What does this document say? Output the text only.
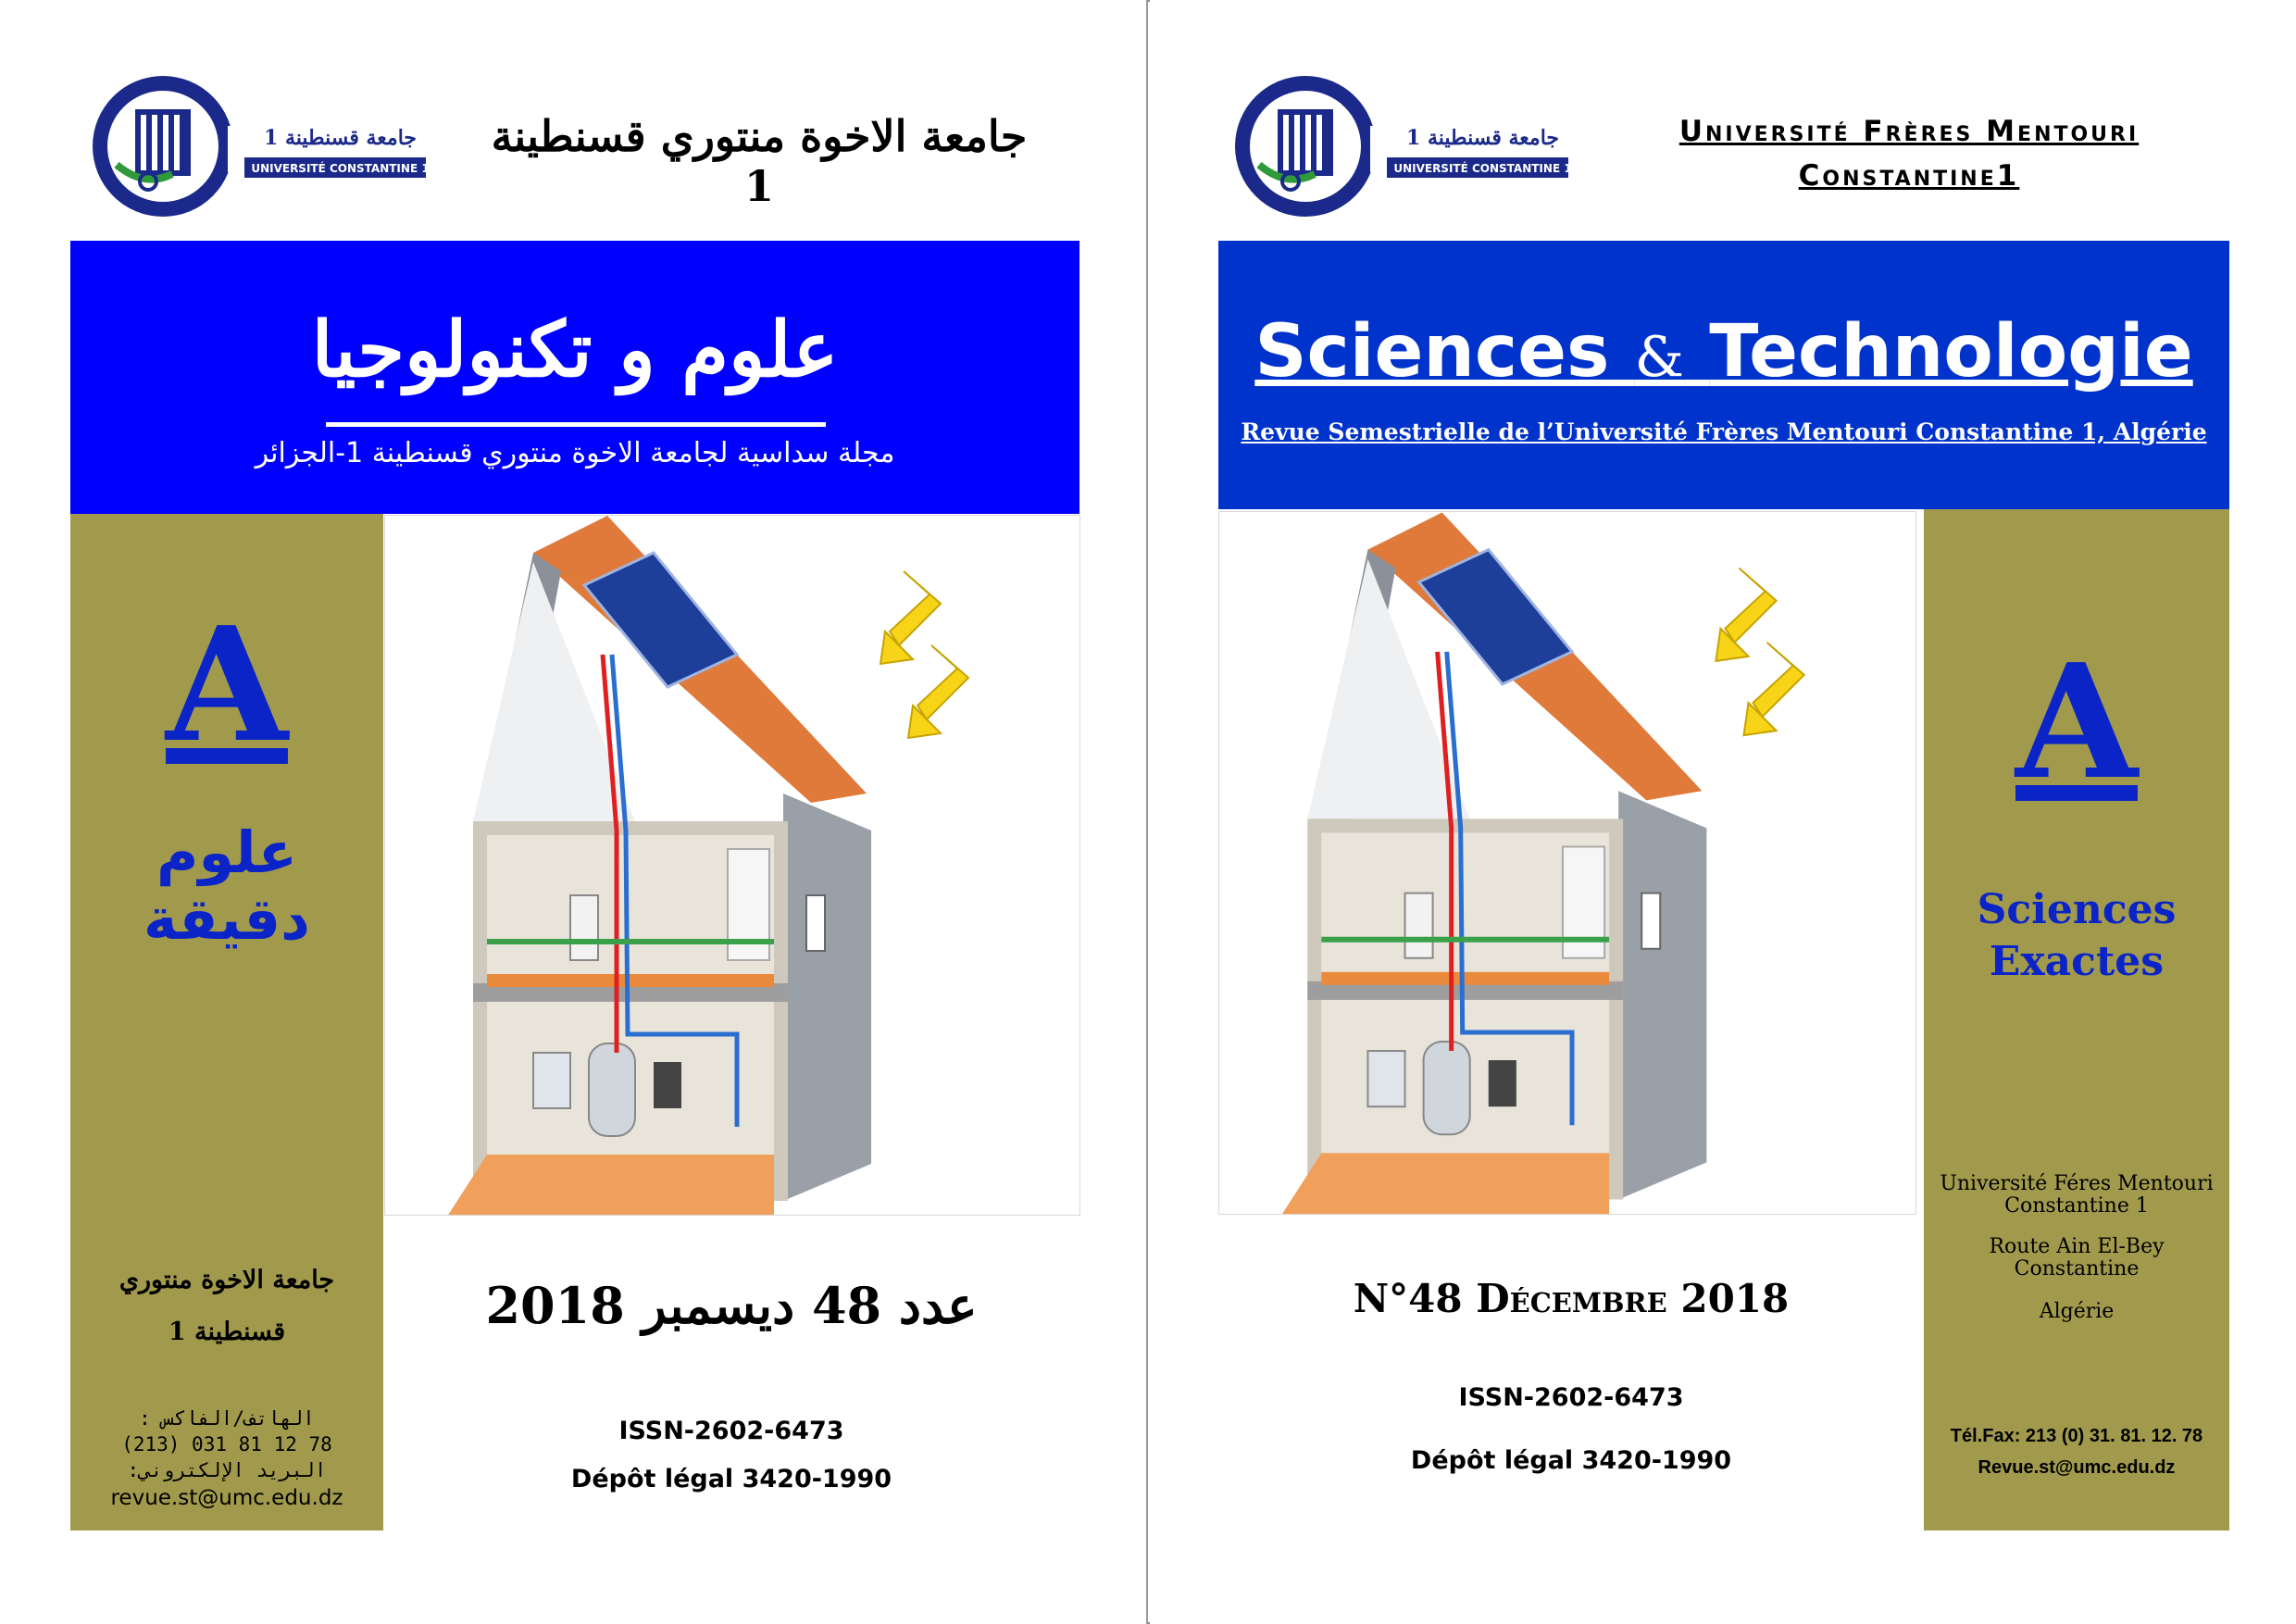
جامعة قسنطينة 1
UNIVERSITÉ CONSTANTINE 1
جامعة الاخوة منتوري قسنطينة 1
علوم و تكنولوجيا
مجلة سداسية لجامعة الاخوة منتوري قسنطينة 1-الجزائر
A
علوم
دقيقة
جامعة الاخوة منتوري
قسنطينة 1
الهاتف/الفاكس :
(213) 031 81 12 78
البريد الإلكتروني:
revue.st@umc.edu.dz
عدد 48 ديسمبر 2018
ISSN-2602-6473
Dépôt légal 3420-1990
جامعة قسنطينة 1
UNIVERSITÉ CONSTANTINE 1
Université Frères Mentouri
Constantine1
Sciences & Technologie
Revue Semestrielle de l’Université Frères Mentouri Constantine 1, Algérie
A
Sciences
Exactes
Université Féres Mentouri
Constantine 1
Route Ain El-Bey
Constantine
Algérie
Tél.Fax: 213 (0) 31. 81. 12. 78
Revue.st@umc.edu.dz
N°48 Décembre 2018
ISSN-2602-6473
Dépôt légal 3420-1990
